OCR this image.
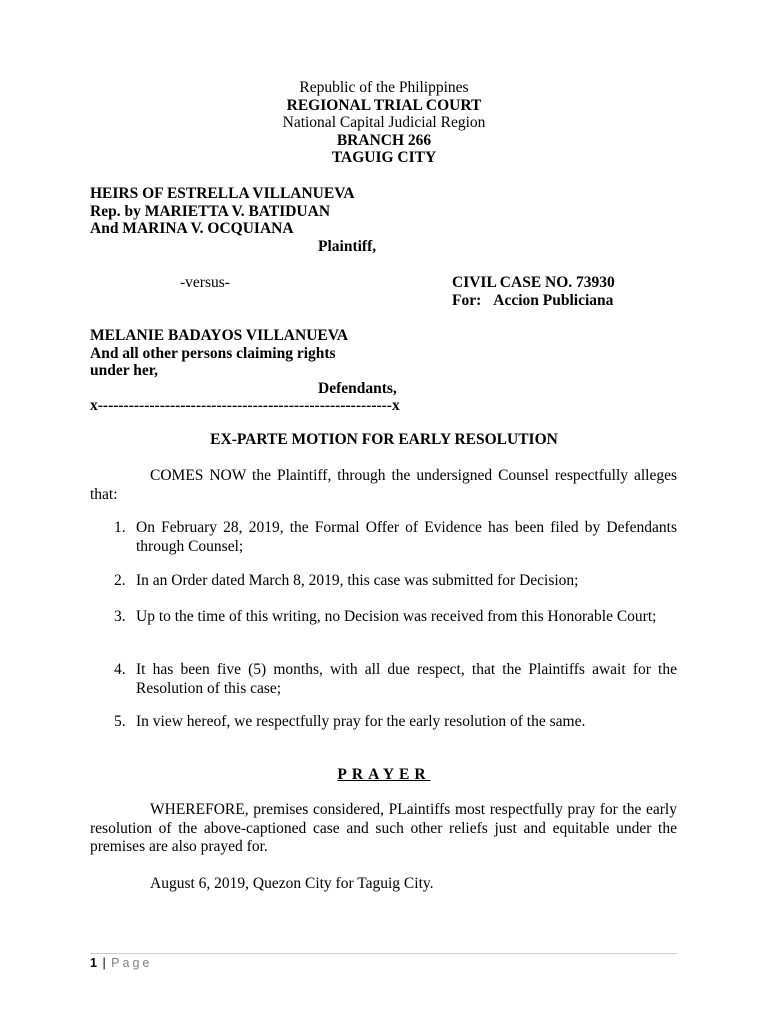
Republic of the Philippines
REGIONAL TRIAL COURT
National Capital Judicial Region
BRANCH 266
TAGUIG CITY
HEIRS OF ESTRELLA VILLANUEVA
Rep. by MARIETTA V. BATIDUAN
And MARINA V. OCQUIANA
Plaintiff,
-versus-	CIVIL CASE NO. 73930
For: Accion Publiciana
MELANIE BADAYOS VILLANUEVA
And all other persons claiming rights
under her,
Defendants,
x---------------------------------------------------------x
EX-PARTE MOTION FOR EARLY RESOLUTION
COMES NOW the Plaintiff, through the undersigned Counsel respectfully alleges that:
1. On February 28, 2019, the Formal Offer of Evidence has been filed by Defendants through Counsel;
2. In an Order dated March 8, 2019, this case was submitted for Decision;
3. Up to the time of this writing, no Decision was received from this Honorable Court;
4. It has been five (5) months, with all due respect, that the Plaintiffs await for the Resolution of this case;
5. In view hereof, we respectfully pray for the early resolution of the same.
PRAYER
WHEREFORE, premises considered, PLaintiffs most respectfully pray for the early resolution of the above-captioned case and such other reliefs just and equitable under the premises are also prayed for.
August 6, 2019, Quezon City for Taguig City.
1 | Page
